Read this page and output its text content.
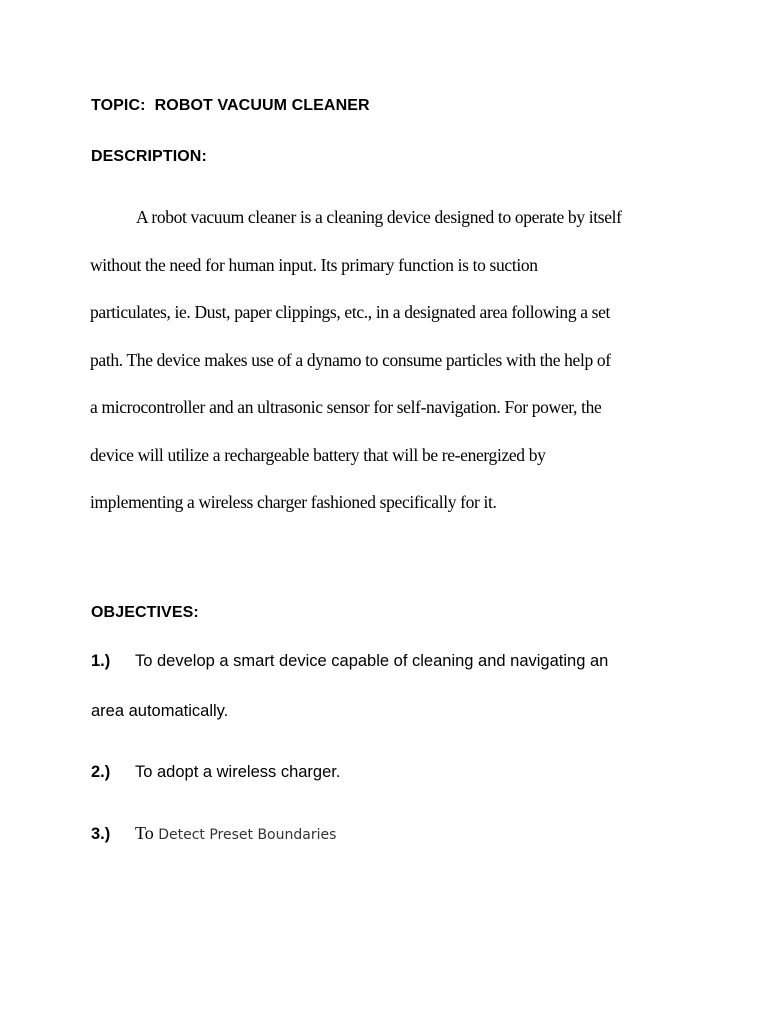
TOPIC:  ROBOT VACUUM CLEANER
DESCRIPTION:
A robot vacuum cleaner is a cleaning device designed to operate by itself
without the need for human input. Its primary function is to suction
particulates, ie. Dust, paper clippings, etc., in a designated area following a set
path. The device makes use of a dynamo to consume particles with the help of
a microcontroller and an ultrasonic sensor for self-navigation. For power, the
device will utilize a rechargeable battery that will be re-energized by
implementing a wireless charger fashioned specifically for it.
OBJECTIVES:
1.) To develop a smart device capable of cleaning and navigating an
area automatically.
2.) To adopt a wireless charger.
3.) To Detect Preset Boundaries
